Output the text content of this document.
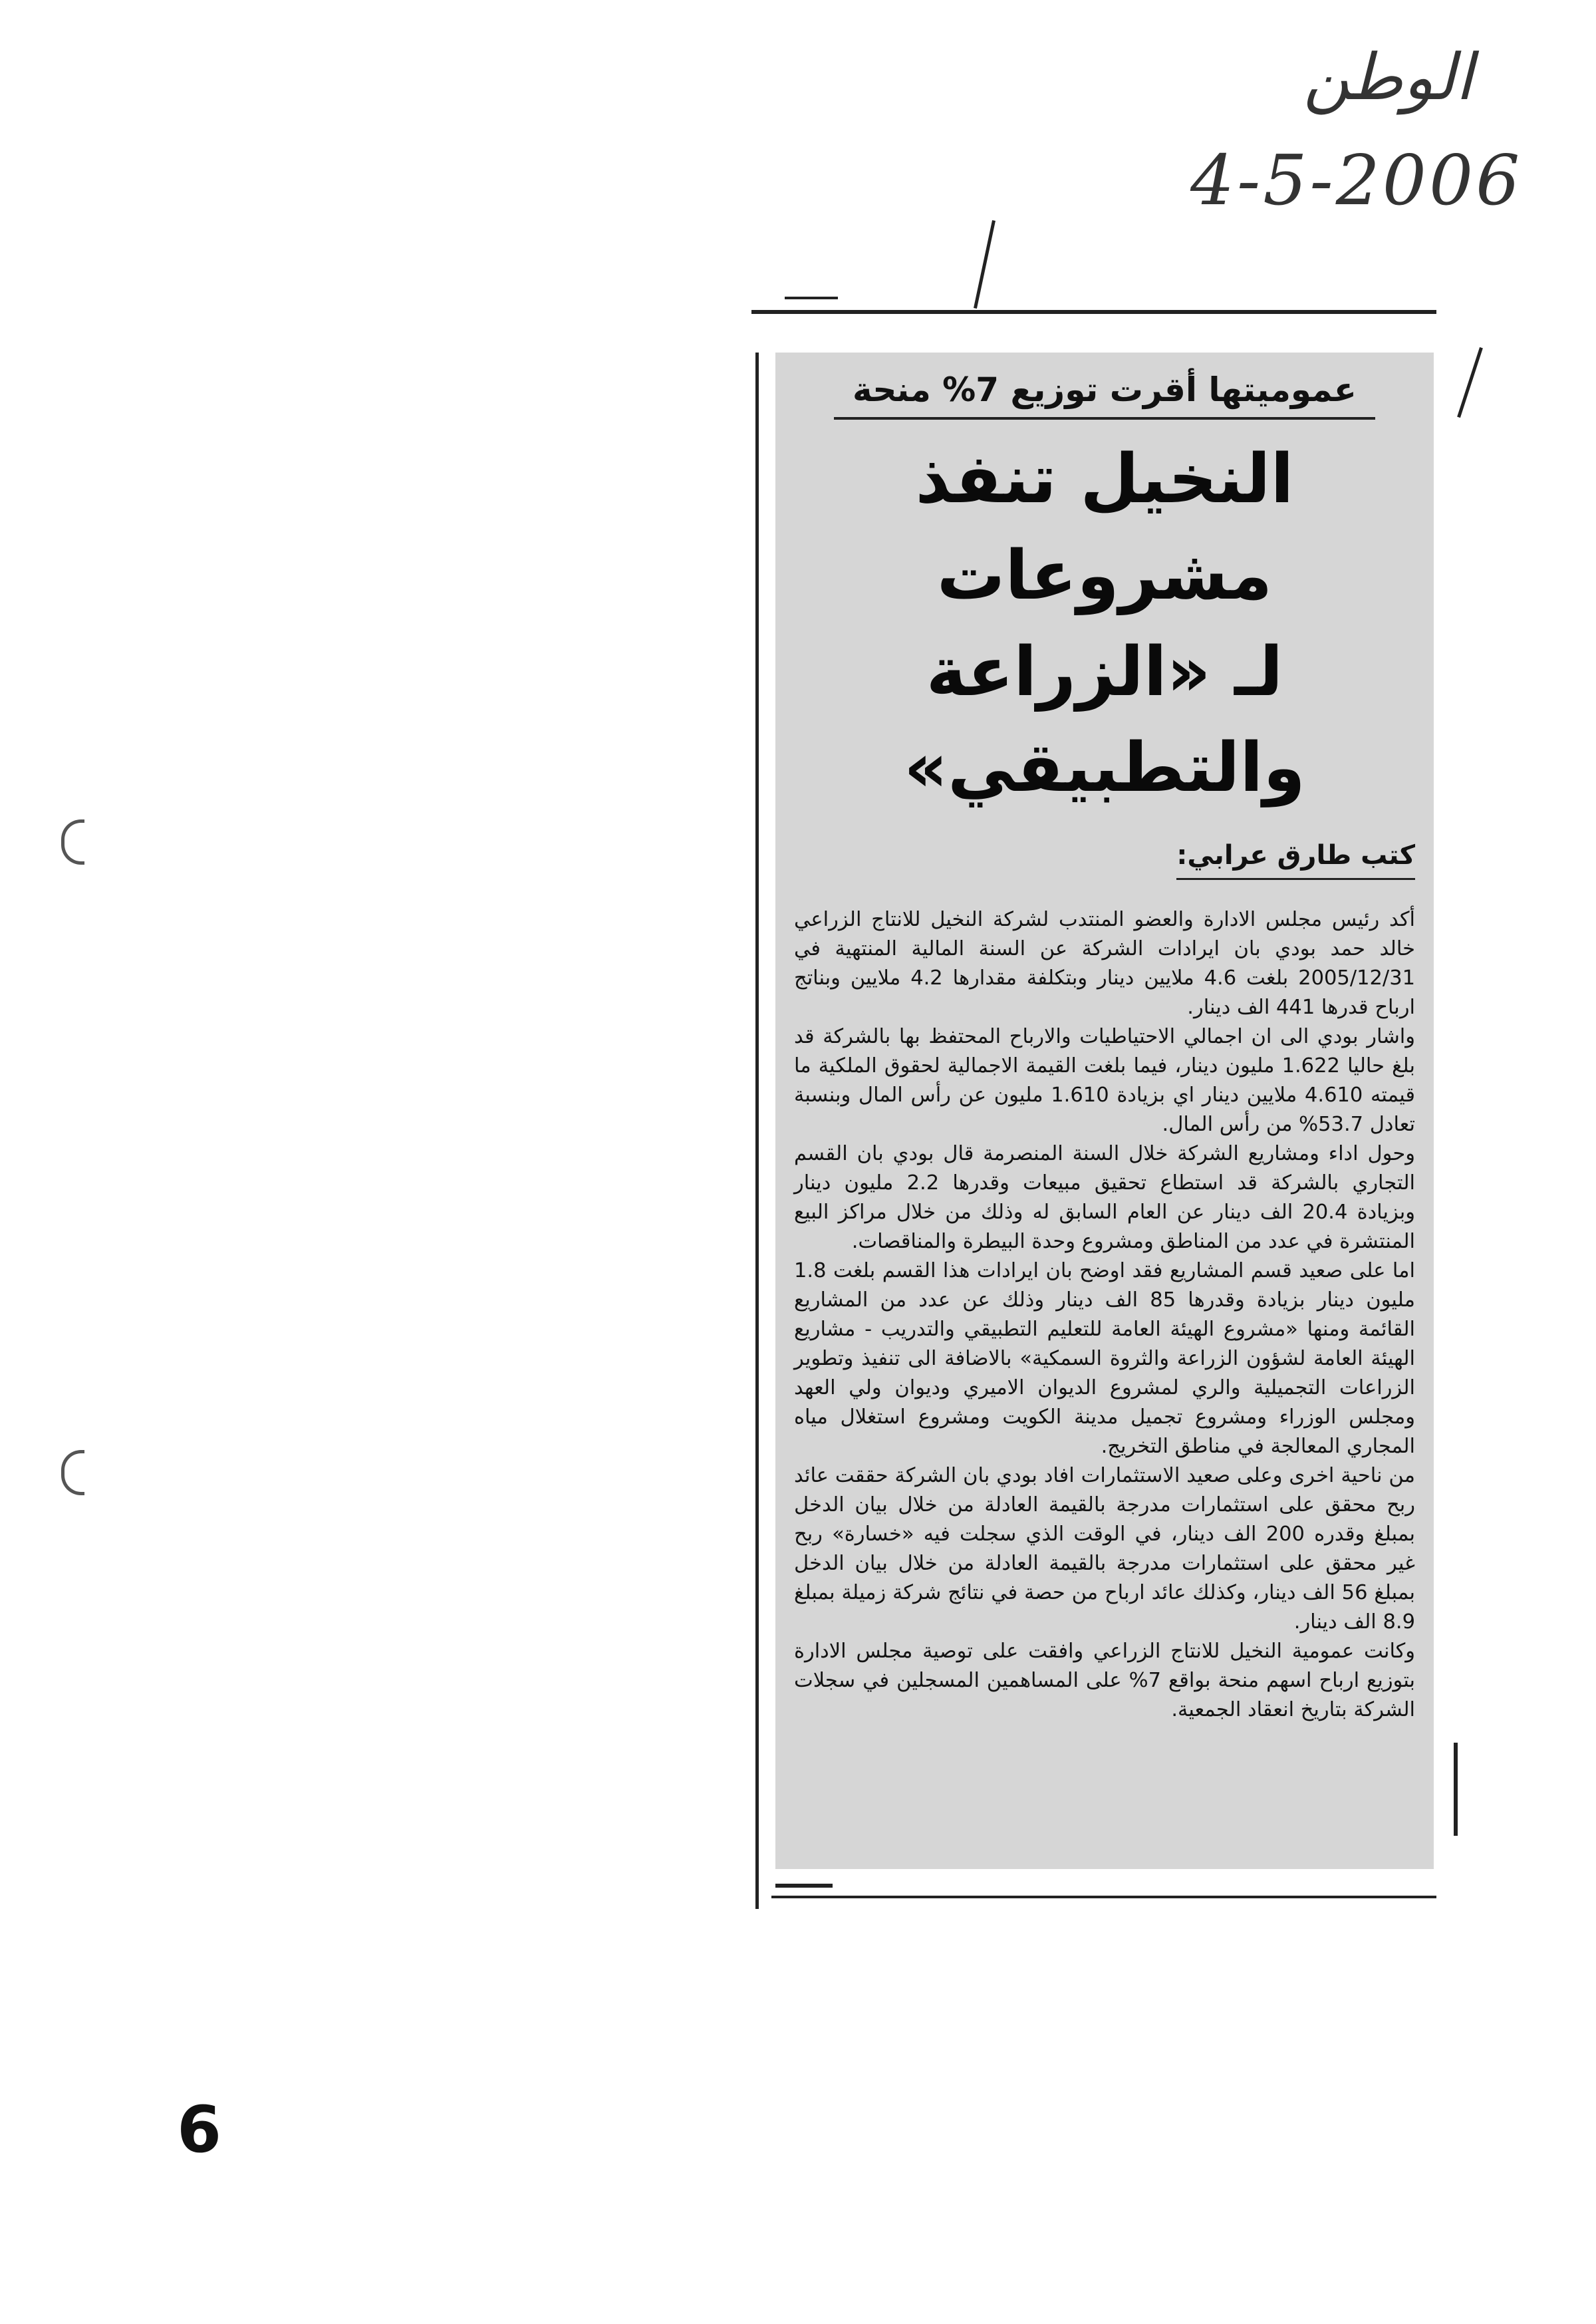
الوطن
4-5-2006
عموميتها أقرت توزيع 7% منحة
النخيل تنفذ مشروعات
لـ «الزراعة والتطبيقي»
كتب طارق عرابي:

أكد رئيس مجلس الادارة والعضو المنتدب لشركة النخيل للانتاج الزراعي خالد حمد بودي بان ايرادات الشركة عن السنة المالية المنتهية في 2005/12/31 بلغت 4.6 ملايين دينار وبتكلفة مقدارها 4.2 ملايين وبناتج ارباح قدرها 441 الف دينار.

واشار بودي الى ان اجمالي الاحتياطيات والارباح المحتفظ بها بالشركة قد بلغ حاليا 1.622 مليون دينار، فيما بلغت القيمة الاجمالية لحقوق الملكية ما قيمته 4.610 ملايين دينار اي بزيادة 1.610 مليون عن رأس المال وبنسبة تعادل 53.7% من رأس المال.

وحول اداء ومشاريع الشركة خلال السنة المنصرمة قال بودي بان القسم التجاري بالشركة قد استطاع تحقيق مبيعات وقدرها 2.2 مليون دينار وبزيادة 20.4 الف دينار عن العام السابق له وذلك من خلال مراكز البيع المنتشرة في عدد من المناطق ومشروع وحدة البيطرة والمناقصات.

اما على صعيد قسم المشاريع فقد اوضح بان ايرادات هذا القسم بلغت 1.8 مليون دينار بزيادة وقدرها 85 الف دينار وذلك عن عدد من المشاريع القائمة ومنها «مشروع الهيئة العامة للتعليم التطبيقي والتدريب - مشاريع الهيئة العامة لشؤون الزراعة والثروة السمكية» بالاضافة الى تنفيذ وتطوير الزراعات التجميلية والري لمشروع الديوان الاميري وديوان ولي العهد ومجلس الوزراء ومشروع تجميل مدينة الكويت ومشروع استغلال مياه المجاري المعالجة في مناطق التخريج.

من ناحية اخرى وعلى صعيد الاستثمارات افاد بودي بان الشركة حققت عائد ربح محقق على استثمارات مدرجة بالقيمة العادلة من خلال بيان الدخل بمبلغ وقدره 200 الف دينار، في الوقت الذي سجلت فيه «خسارة» ربح غير محقق على استثمارات مدرجة بالقيمة العادلة من خلال بيان الدخل بمبلغ 56 الف دينار، وكذلك عائد ارباح من حصة في نتائج شركة زميلة بمبلغ 8.9 الف دينار.

وكانت عمومية النخيل للانتاج الزراعي وافقت على توصية مجلس الادارة بتوزيع ارباح اسهم منحة بواقع 7% على المساهمين المسجلين في سجلات الشركة بتاريخ انعقاد الجمعية.

9
